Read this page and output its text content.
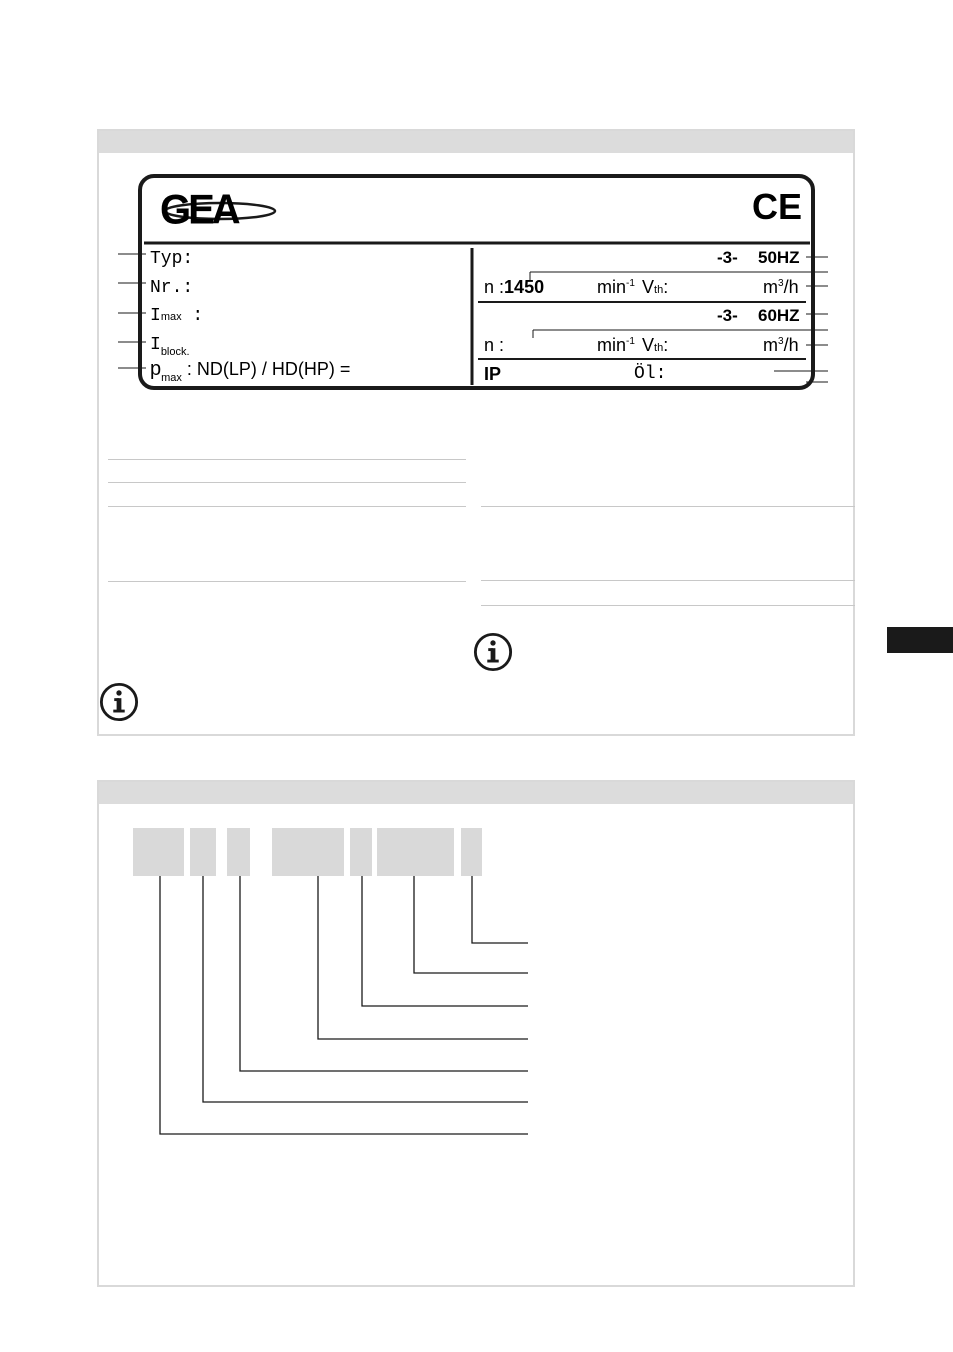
GEA	CE
Typ:
Nr.:
Imax :
$I_{block.}$
$p_{max}$ : ND(LP) / HD(HP) =
-3- 50HZ
n :1450	$\min^{-1}$ Vth:	$m^3/h$
-3- 60HZ
n :	$\min^{-1}$ Vth:	$m^3/h$
IP	Öl:
